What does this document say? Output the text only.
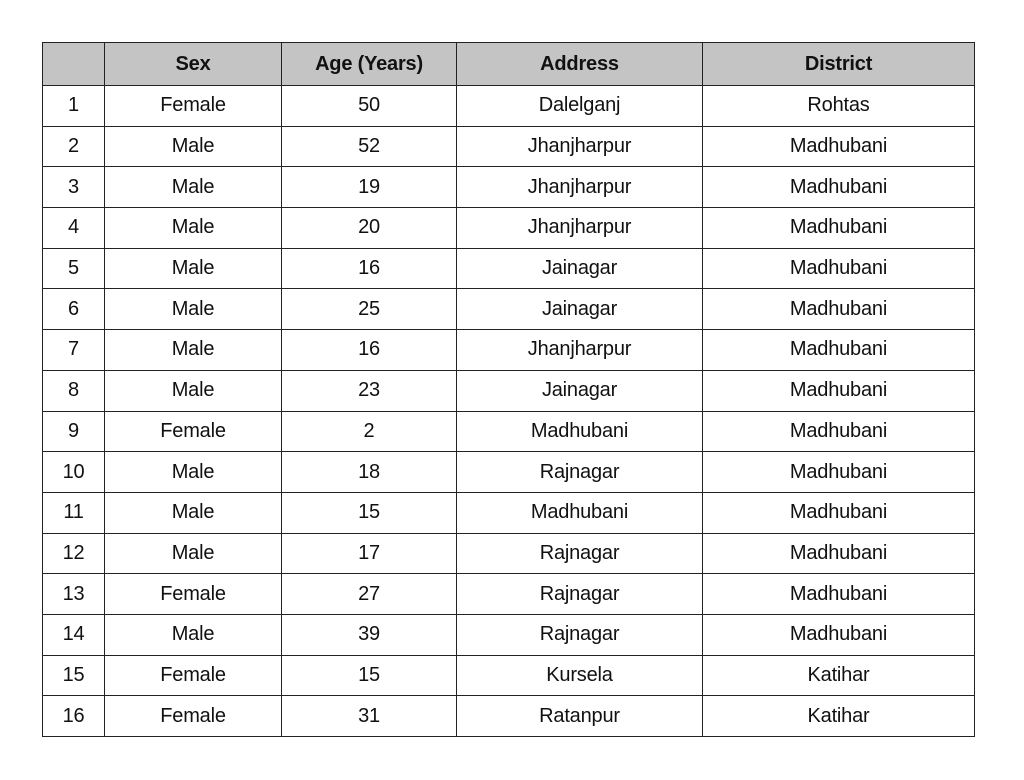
	Sex	Age (Years)	Address	District
1	Female	50	Dalelganj	Rohtas
2	Male	52	Jhanjharpur	Madhubani
3	Male	19	Jhanjharpur	Madhubani
4	Male	20	Jhanjharpur	Madhubani
5	Male	16	Jainagar	Madhubani
6	Male	25	Jainagar	Madhubani
7	Male	16	Jhanjharpur	Madhubani
8	Male	23	Jainagar	Madhubani
9	Female	2	Madhubani	Madhubani
10	Male	18	Rajnagar	Madhubani
11	Male	15	Madhubani	Madhubani
12	Male	17	Rajnagar	Madhubani
13	Female	27	Rajnagar	Madhubani
14	Male	39	Rajnagar	Madhubani
15	Female	15	Kursela	Katihar
16	Female	31	Ratanpur	Katihar
